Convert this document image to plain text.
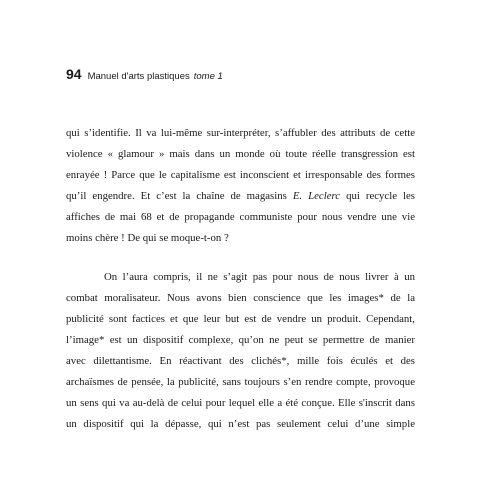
94 Manuel d'arts plastiques tome 1
qui s’identifie. Il va lui-même sur-interpréter, s’affubler des attributs de cette
violence « glamour » mais dans un monde où toute réelle transgression est
enrayée ! Parce que le capitalisme est inconscient et irresponsable des formes
qu’il engendre. Et c’est la chaîne de magasins E. Leclerc qui recycle les
affiches de mai 68 et de propagande communiste pour nous vendre une vie
moins chère ! De qui se moque-t-on ?
On l’aura compris, il ne s’agit pas pour nous de nous livrer à un
combat moralisateur. Nous avons bien conscience que les images* de la
publicité sont factices et que leur but est de vendre un produit. Cependant,
l’image* est un dispositif complexe, qu’on ne peut se permettre de manier
avec dilettantisme. En réactivant des clichés*, mille fois éculés et des
archaïsmes de pensée, la publicité, sans toujours s’en rendre compte, provoque
un sens qui va au-delà de celui pour lequel elle a été conçue. Elle s'inscrit dans
un dispositif qui la dépasse, qui n’est pas seulement celui d’une simple
